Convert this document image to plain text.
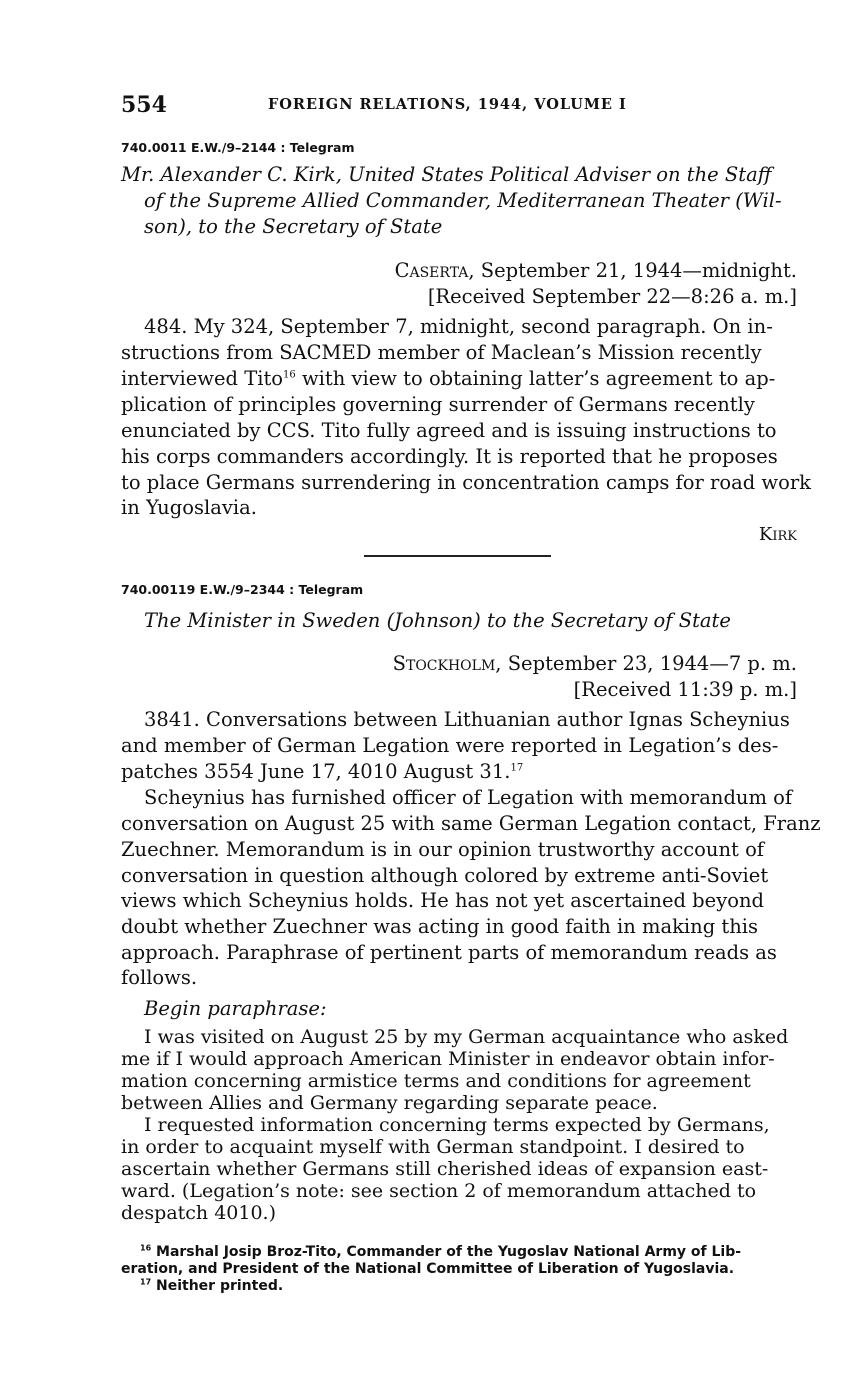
554	FOREIGN RELATIONS, 1944, VOLUME I
740.0011 E.W./9–2144 : Telegram
Mr. Alexander C. Kirk, United States Political Adviser on the Staff
of the Supreme Allied Commander, Mediterranean Theater (Wil-
son), to the Secretary of State
Caserta, September 21, 1944—midnight.
[Received September 22—8:26 a. m.]
484. My 324, September 7, midnight, second paragraph. On in-
structions from SACMED member of Maclean’s Mission recently
interviewed Tito$^{16}$ with view to obtaining latter’s agreement to ap-
plication of principles governing surrender of Germans recently
enunciated by CCS. Tito fully agreed and is issuing instructions to
his corps commanders accordingly. It is reported that he proposes
to place Germans surrendering in concentration camps for road work
in Yugoslavia.
Kirk
740.00119 E.W./9–2344 : Telegram
The Minister in Sweden (Johnson) to the Secretary of State
Stockholm, September 23, 1944—7 p. m.
[Received 11:39 p. m.]
3841. Conversations between Lithuanian author Ignas Scheynius
and member of German Legation were reported in Legation’s des-
patches 3554 June 17, 4010 August 31.17
Scheynius has furnished officer of Legation with memorandum of
conversation on August 25 with same German Legation contact, Franz
Zuechner. Memorandum is in our opinion trustworthy account of
conversation in question although colored by extreme anti-Soviet
views which Scheynius holds. He has not yet ascertained beyond
doubt whether Zuechner was acting in good faith in making this
approach. Paraphrase of pertinent parts of memorandum reads as
follows.
Begin paraphrase:
I was visited on August 25 by my German acquaintance who asked
me if I would approach American Minister in endeavor obtain infor-
mation concerning armistice terms and conditions for agreement
between Allies and Germany regarding separate peace.
I requested information concerning terms expected by Germans,
in order to acquaint myself with German standpoint. I desired to
ascertain whether Germans still cherished ideas of expansion east-
ward. (Legation’s note: see section 2 of memorandum attached to
despatch 4010.)
$^{16}$ Marshal Josip Broz-Tito, Commander of the Yugoslav National Army of Lib-
eration, and President of the National Committee of Liberation of Yugoslavia.
$^{17}$ Neither printed.
